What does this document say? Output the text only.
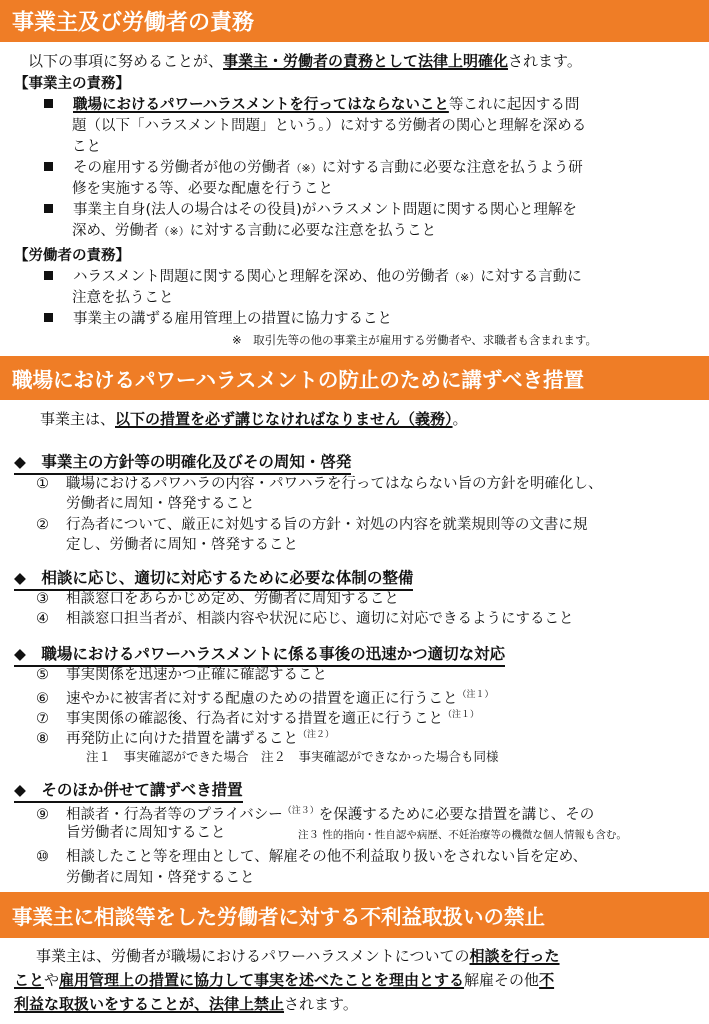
事業主及び労働者の責務
以下の事項に努めることが、事業主・労働者の責務として法律上明確化されます。
【事業主の責務】
職場におけるパワーハラスメントを行ってはならないこと等これに起因する問
題（以下「ハラスメント問題」という。）に対する労働者の関心と理解を深める
こと
その雇用する労働者が他の労働者（※）に対する言動に必要な注意を払うよう研
修を実施する等、必要な配慮を行うこと
事業主自身(法人の場合はその役員)がハラスメント問題に関する関心と理解を
深め、労働者（※）に対する言動に必要な注意を払うこと
【労働者の責務】
ハラスメント問題に関する関心と理解を深め、他の労働者（※）に対する言動に
注意を払うこと
事業主の講ずる雇用管理上の措置に協力すること
※　取引先等の他の事業主が雇用する労働者や、求職者も含まれます。
職場におけるパワーハラスメントの防止のために講ずべき措置
事業主は、以下の措置を必ず講じなければなりません（義務）。
◆　事業主の方針等の明確化及びその周知・啓発
① 職場におけるパワハラの内容・パワハラを行ってはならない旨の方針を明確化し、
労働者に周知・啓発すること
② 行為者について、厳正に対処する旨の方針・対処の内容を就業規則等の文書に規
定し、労働者に周知・啓発すること
◆　相談に応じ、適切に対応するために必要な体制の整備
③ 相談窓口をあらかじめ定め、労働者に周知すること
④ 相談窓口担当者が、相談内容や状況に応じ、適切に対応できるようにすること
◆　職場におけるパワーハラスメントに係る事後の迅速かつ適切な対応
⑤ 事実関係を迅速かつ正確に確認すること
⑥ 速やかに被害者に対する配慮のための措置を適正に行うこと$^{(注1)}$
⑦ 事実関係の確認後、行為者に対する措置を適正に行うこと$^{(注1)}$
⑧ 再発防止に向けた措置を講ずること$^{(注2)}$
注１　事実確認ができた場合　注２　事実確認ができなかった場合も同様
◆　そのほか併せて講ずべき措置
⑨ 相談者・行為者等のプライバシー$^{(注3)}$を保護するために必要な措置を講じ、その
旨労働者に周知すること	注３ 性的指向・性自認や病歴、不妊治療等の機微な個人情報も含む。
⑩ 相談したこと等を理由として、解雇その他不利益取り扱いをされない旨を定め、
労働者に周知・啓発すること
事業主に相談等をした労働者に対する不利益取扱いの禁止
事業主は、労働者が職場におけるパワーハラスメントについての相談を行った
ことや雇用管理上の措置に協力して事実を述べたことを理由とする解雇その他不
利益な取扱いをすることが、法律上禁止されます。
